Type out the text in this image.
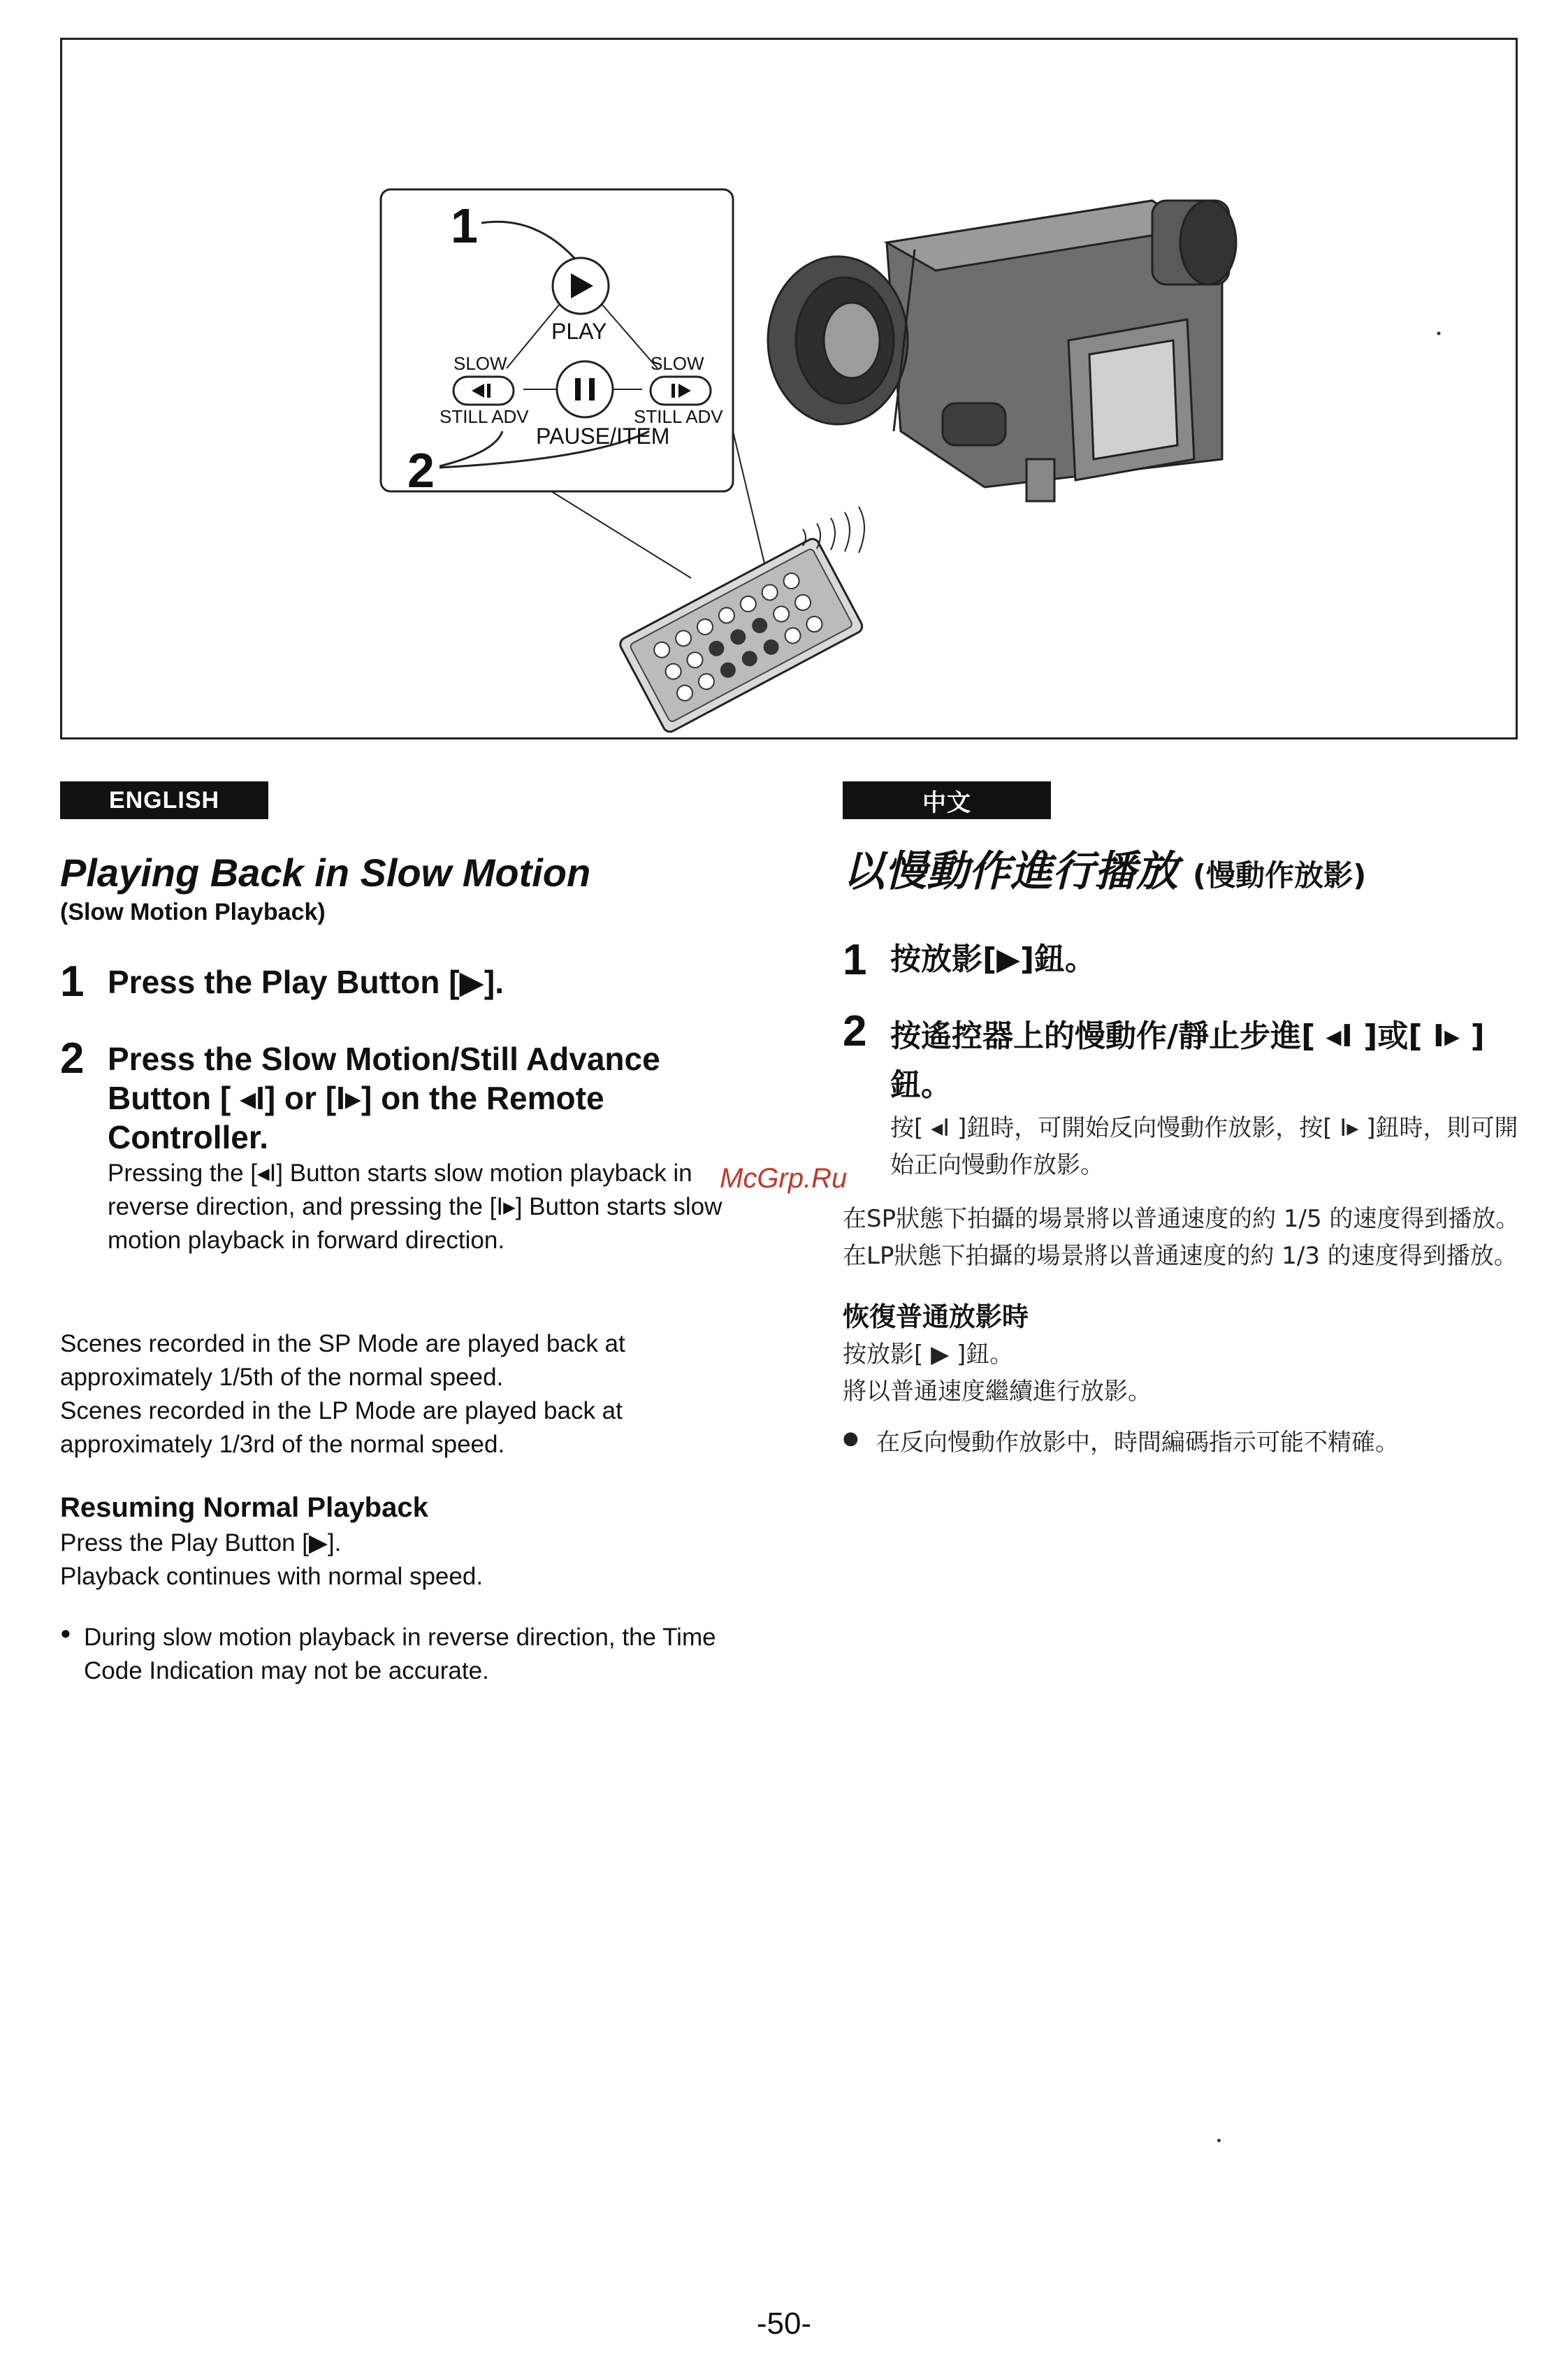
1
2
PLAY
PAUSE/ITEM
SLOW
STILL ADV
SLOW
STILL ADV
ENGLISH	中文
Playing Back in Slow Motion
(Slow Motion Playback)
1 Press the Play Button [▶].
2 Press the Slow Motion/Still Advance Button [ ◂I] or [I▸] on the Remote Controller.
Pressing the [◂I] Button starts slow motion playback in reverse direction, and pressing the [I▸] Button starts slow motion playback in forward direction.
Scenes recorded in the SP Mode are played back at approximately 1/5th of the normal speed.
Scenes recorded in the LP Mode are played back at approximately 1/3rd of the normal speed.
Resuming Normal Playback
Press the Play Button [▶].
Playback continues with normal speed.
● During slow motion playback in reverse direction, the Time Code Indication may not be accurate.
以慢動作進行播放 (慢動作放影)
1 按放影[▶]鈕。
2 按遙控器上的慢動作/靜止步進[ ◂I ]或[ I▸ ]鈕。
按[ ◂I ]鈕時，可開始反向慢動作放影，按[ I▸ ]鈕時，則可開始正向慢動作放影。
在SP狀態下拍攝的場景將以普通速度的約 1/5 的速度得到播放。
在LP狀態下拍攝的場景將以普通速度的約 1/3 的速度得到播放。
恢復普通放影時
按放影[ ▶ ]鈕。
將以普通速度繼續進行放影。
● 在反向慢動作放影中，時間編碼指示可能不精確。
McGrp.Ru
-50-
